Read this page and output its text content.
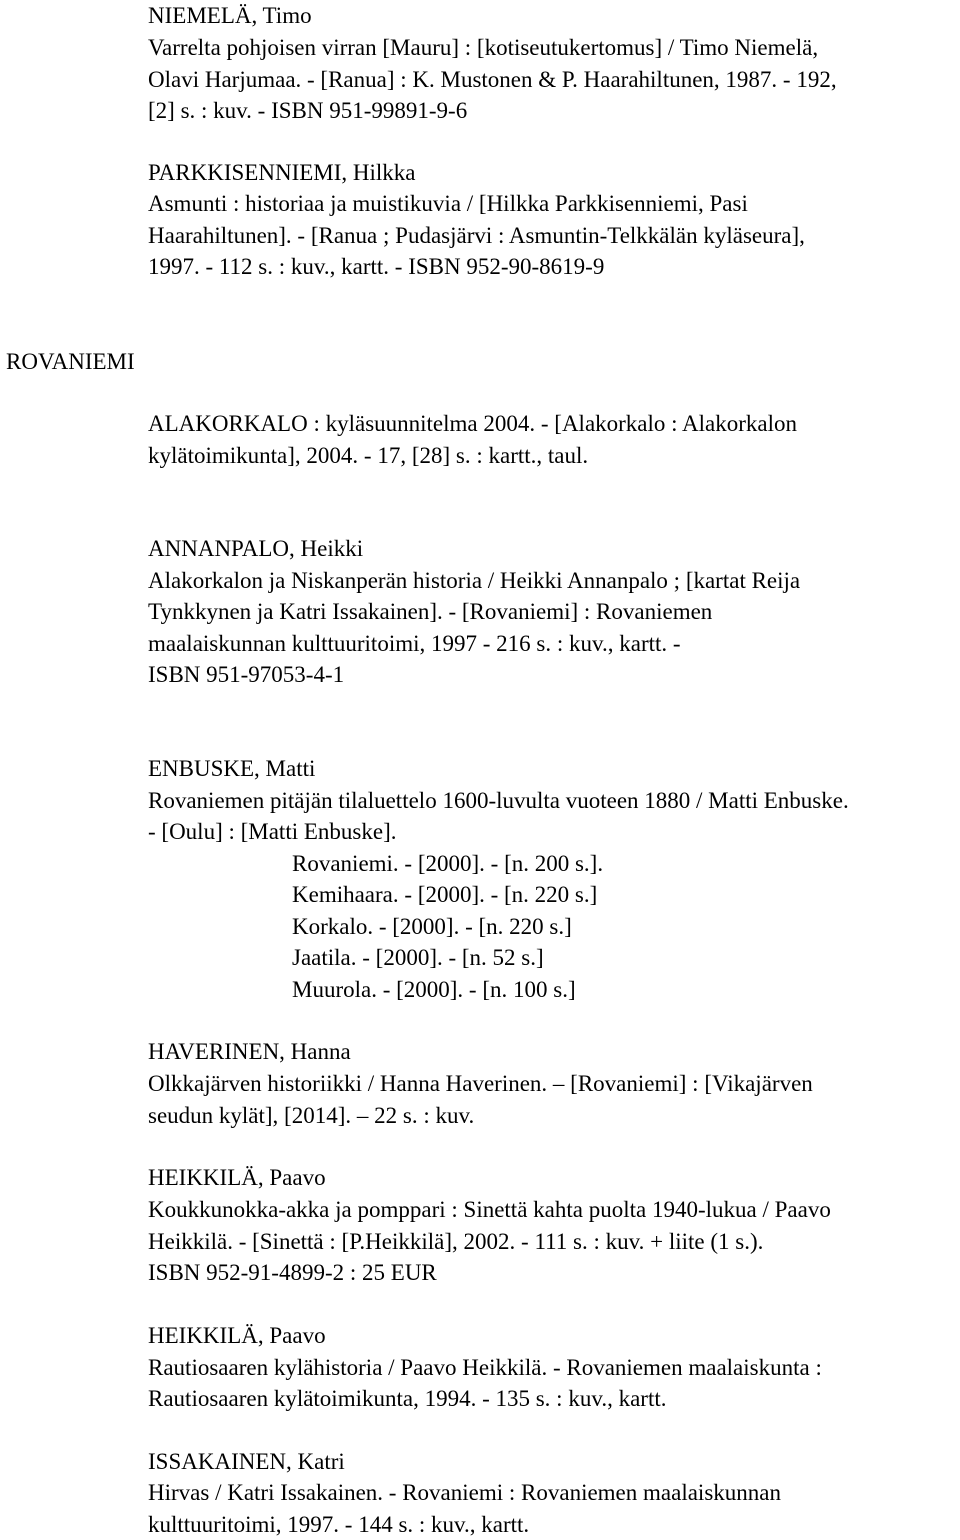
NIEMELÄ, Timo
Varrelta pohjoisen virran [Mauru] : [kotiseutukertomus] / Timo Niemelä,
Olavi Harjumaa. - [Ranua] : K. Mustonen & P. Haarahiltunen, 1987. - 192,
[2] s. : kuv. - ISBN 951-99891-9-6
PARKKISENNIEMI, Hilkka
Asmunti : historiaa ja muistikuvia / [Hilkka Parkkisenniemi, Pasi
Haarahiltunen]. - [Ranua ; Pudasjärvi : Asmuntin-Telkkälän kyläseura],
1997. - 112 s. : kuv., kartt. - ISBN 952-90-8619-9
ROVANIEMI
ALAKORKALO : kyläsuunnitelma 2004. - [Alakorkalo : Alakorkalon
kylätoimikunta], 2004. - 17, [28] s. : kartt., taul.
ANNANPALO, Heikki
Alakorkalon ja Niskanperän historia / Heikki Annanpalo ; [kartat Reija
Tynkkynen ja Katri Issakainen]. - [Rovaniemi] : Rovaniemen
maalaiskunnan kulttuuritoimi, 1997 - 216 s. : kuv., kartt. -
ISBN 951-97053-4-1
ENBUSKE, Matti
Rovaniemen pitäjän tilaluettelo 1600-luvulta vuoteen 1880 / Matti Enbuske.
- [Oulu] : [Matti Enbuske].
Rovaniemi. - [2000]. - [n. 200 s.].
Kemihaara. - [2000]. - [n. 220 s.]
Korkalo. - [2000]. - [n. 220 s.]
Jaatila. - [2000]. - [n. 52 s.]
Muurola. - [2000]. - [n. 100 s.]
HAVERINEN, Hanna
Olkkajärven historiikki / Hanna Haverinen. – [Rovaniemi] : [Vikajärven
seudun kylät], [2014]. – 22 s. : kuv.
HEIKKILÄ, Paavo
Koukkunokka-akka ja pomppari : Sinettä kahta puolta 1940-lukua / Paavo
Heikkilä. - [Sinettä : [P.Heikkilä], 2002. - 111 s. : kuv. + liite (1 s.).
ISBN 952-91-4899-2 : 25 EUR
HEIKKILÄ, Paavo
Rautiosaaren kylähistoria / Paavo Heikkilä. - Rovaniemen maalaiskunta :
Rautiosaaren kylätoimikunta, 1994. - 135 s. : kuv., kartt.
ISSAKAINEN, Katri
Hirvas / Katri Issakainen. - Rovaniemi : Rovaniemen maalaiskunnan
kulttuuritoimi, 1997. - 144 s. : kuv., kartt.
